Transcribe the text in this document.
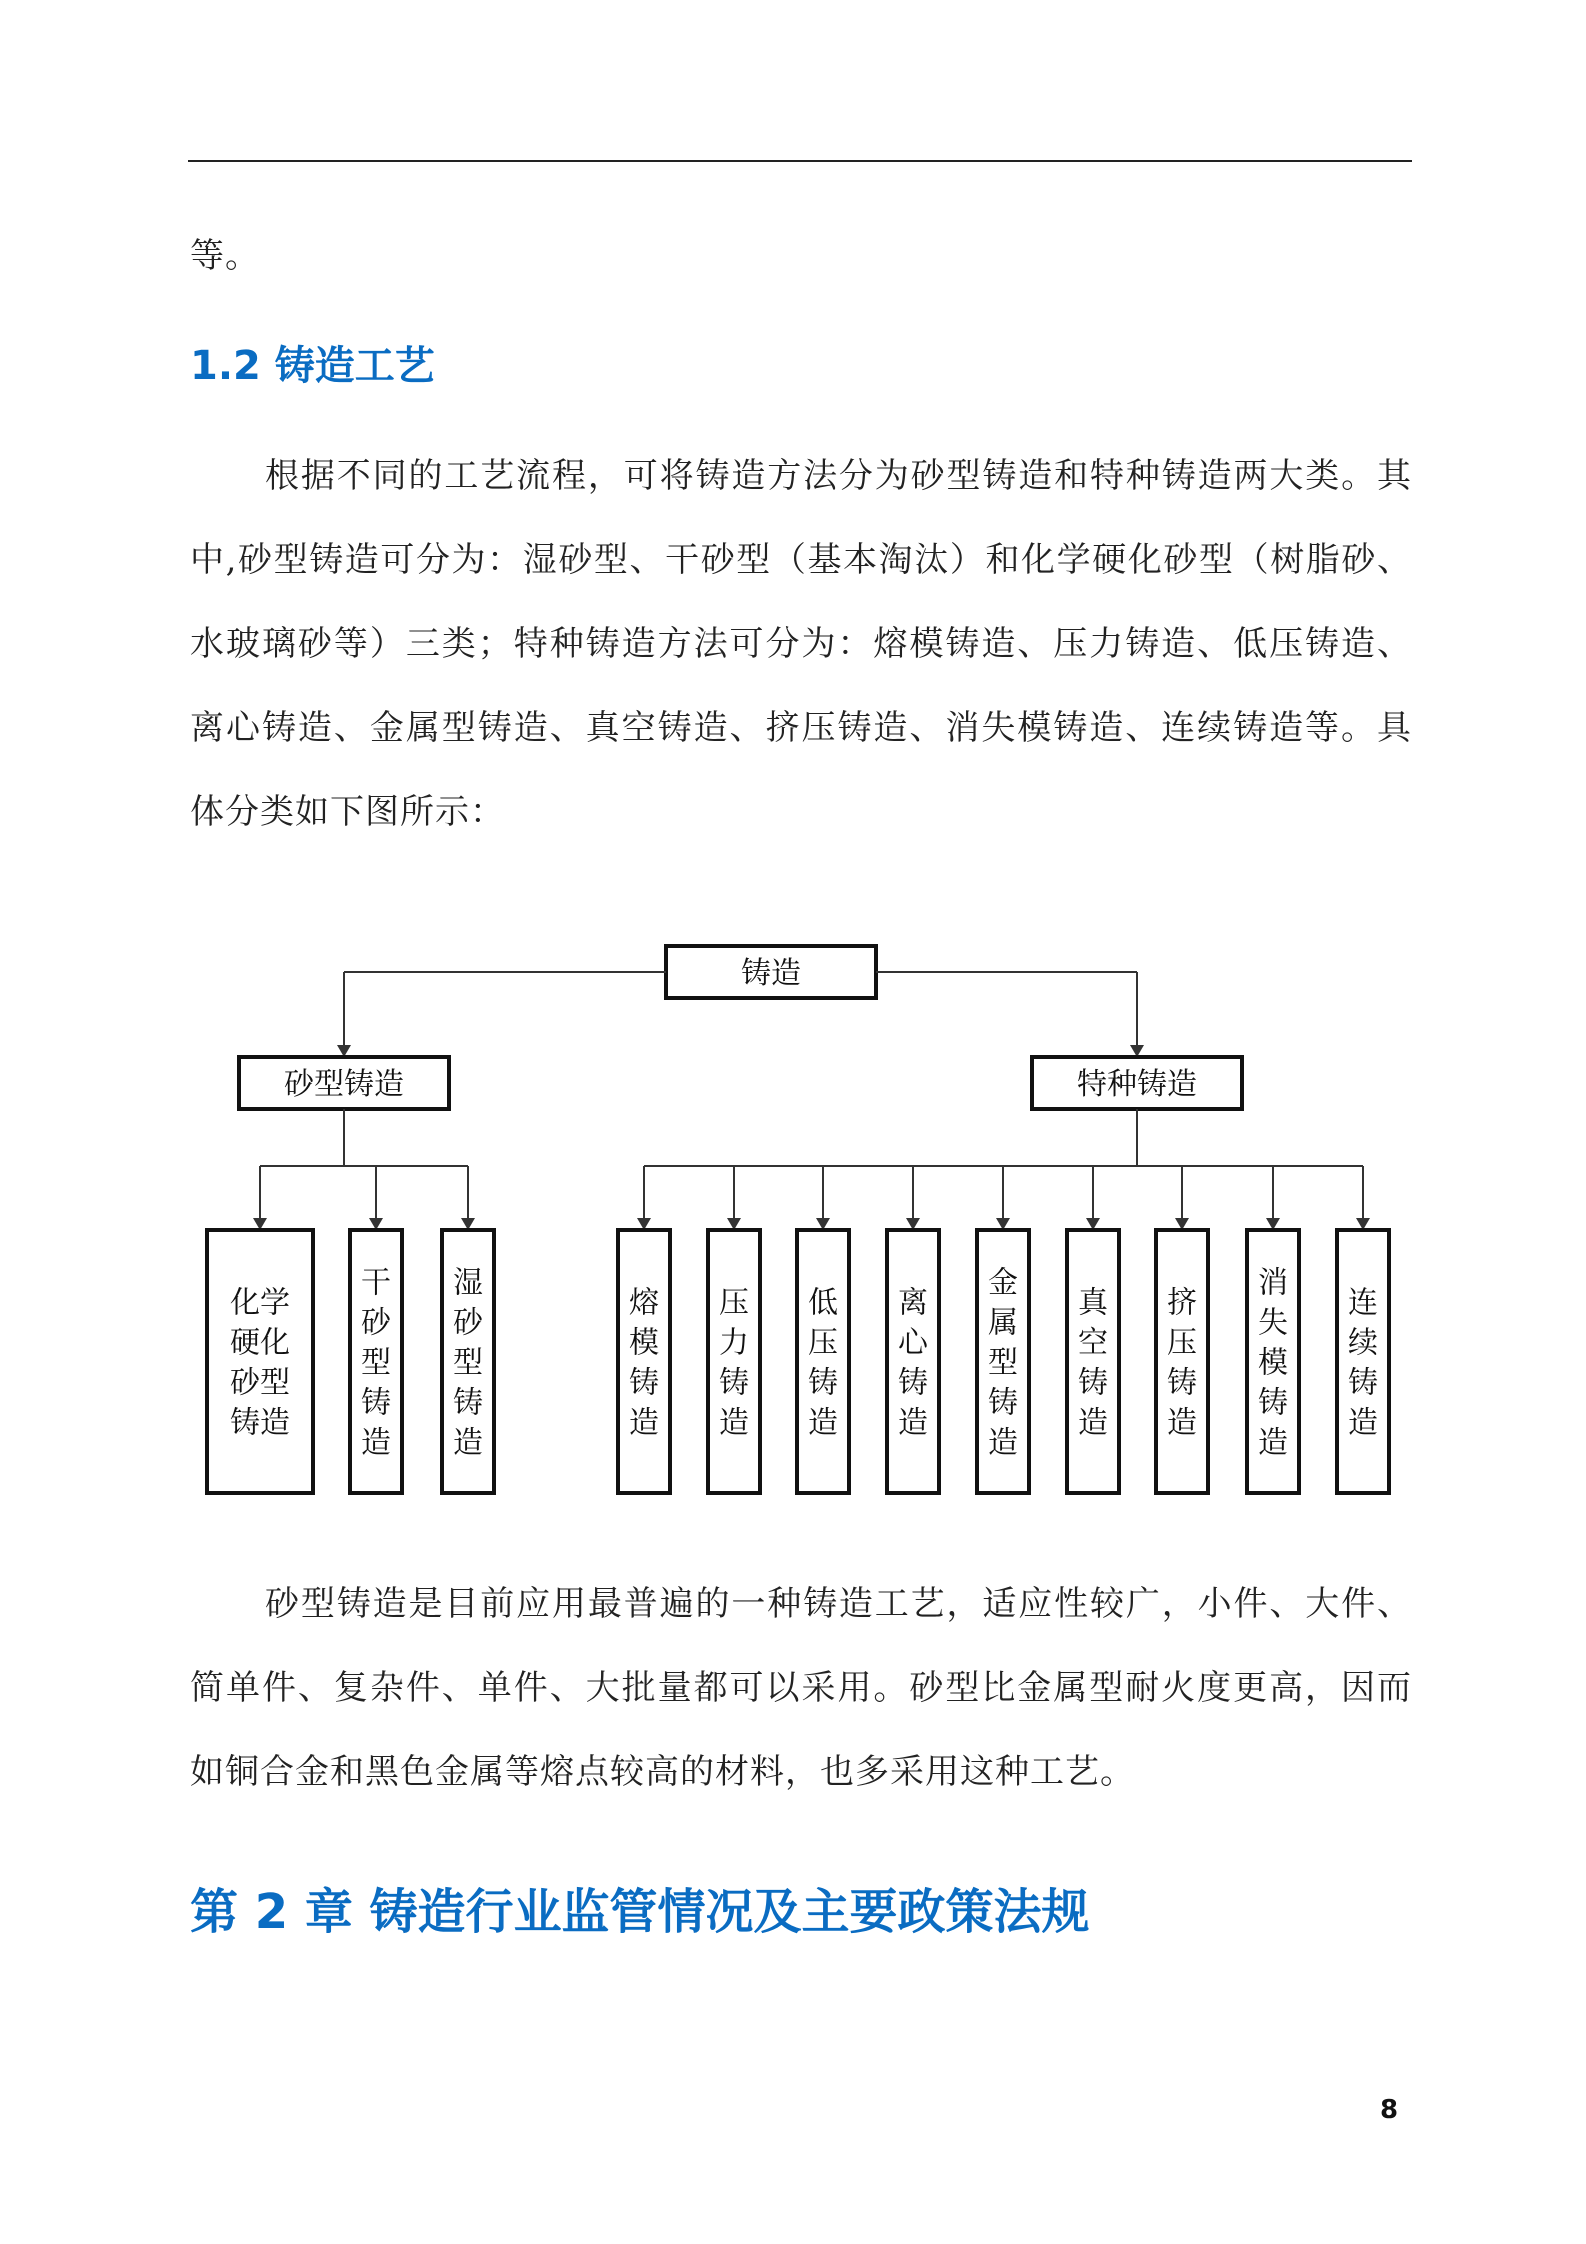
等。

1.2 铸造工艺

根据不同的工艺流程，可将铸造方法分为砂型铸造和特种铸造两大类。其中,砂型铸造可分为：湿砂型、干砂型（基本淘汰）和化学硬化砂型（树脂砂、水玻璃砂等）三类；特种铸造方法可分为：熔模铸造、压力铸造、低压铸造、离心铸造、金属型铸造、真空铸造、挤压铸造、消失模铸造、连续铸造等。具体分类如下图所示：

铸造
砂型铸造
化学
硬化
砂型
铸造
干
砂
型
铸
造
湿
砂
型
铸
造
特种铸造
熔
模
铸
造
压
力
铸
造
低
压
铸
造
离
心
铸
造
金
属
型
铸
造
真
空
铸
造
挤
压
铸
造
消
失
模
铸
造
连
续
铸
造

砂型铸造是目前应用最普遍的一种铸造工艺，适应性较广，小件、大件、简单件、复杂件、单件、大批量都可以采用。砂型比金属型耐火度更高，因而如铜合金和黑色金属等熔点较高的材料，也多采用这种工艺。

第 2 章 铸造行业监管情况及主要政策法规
8
